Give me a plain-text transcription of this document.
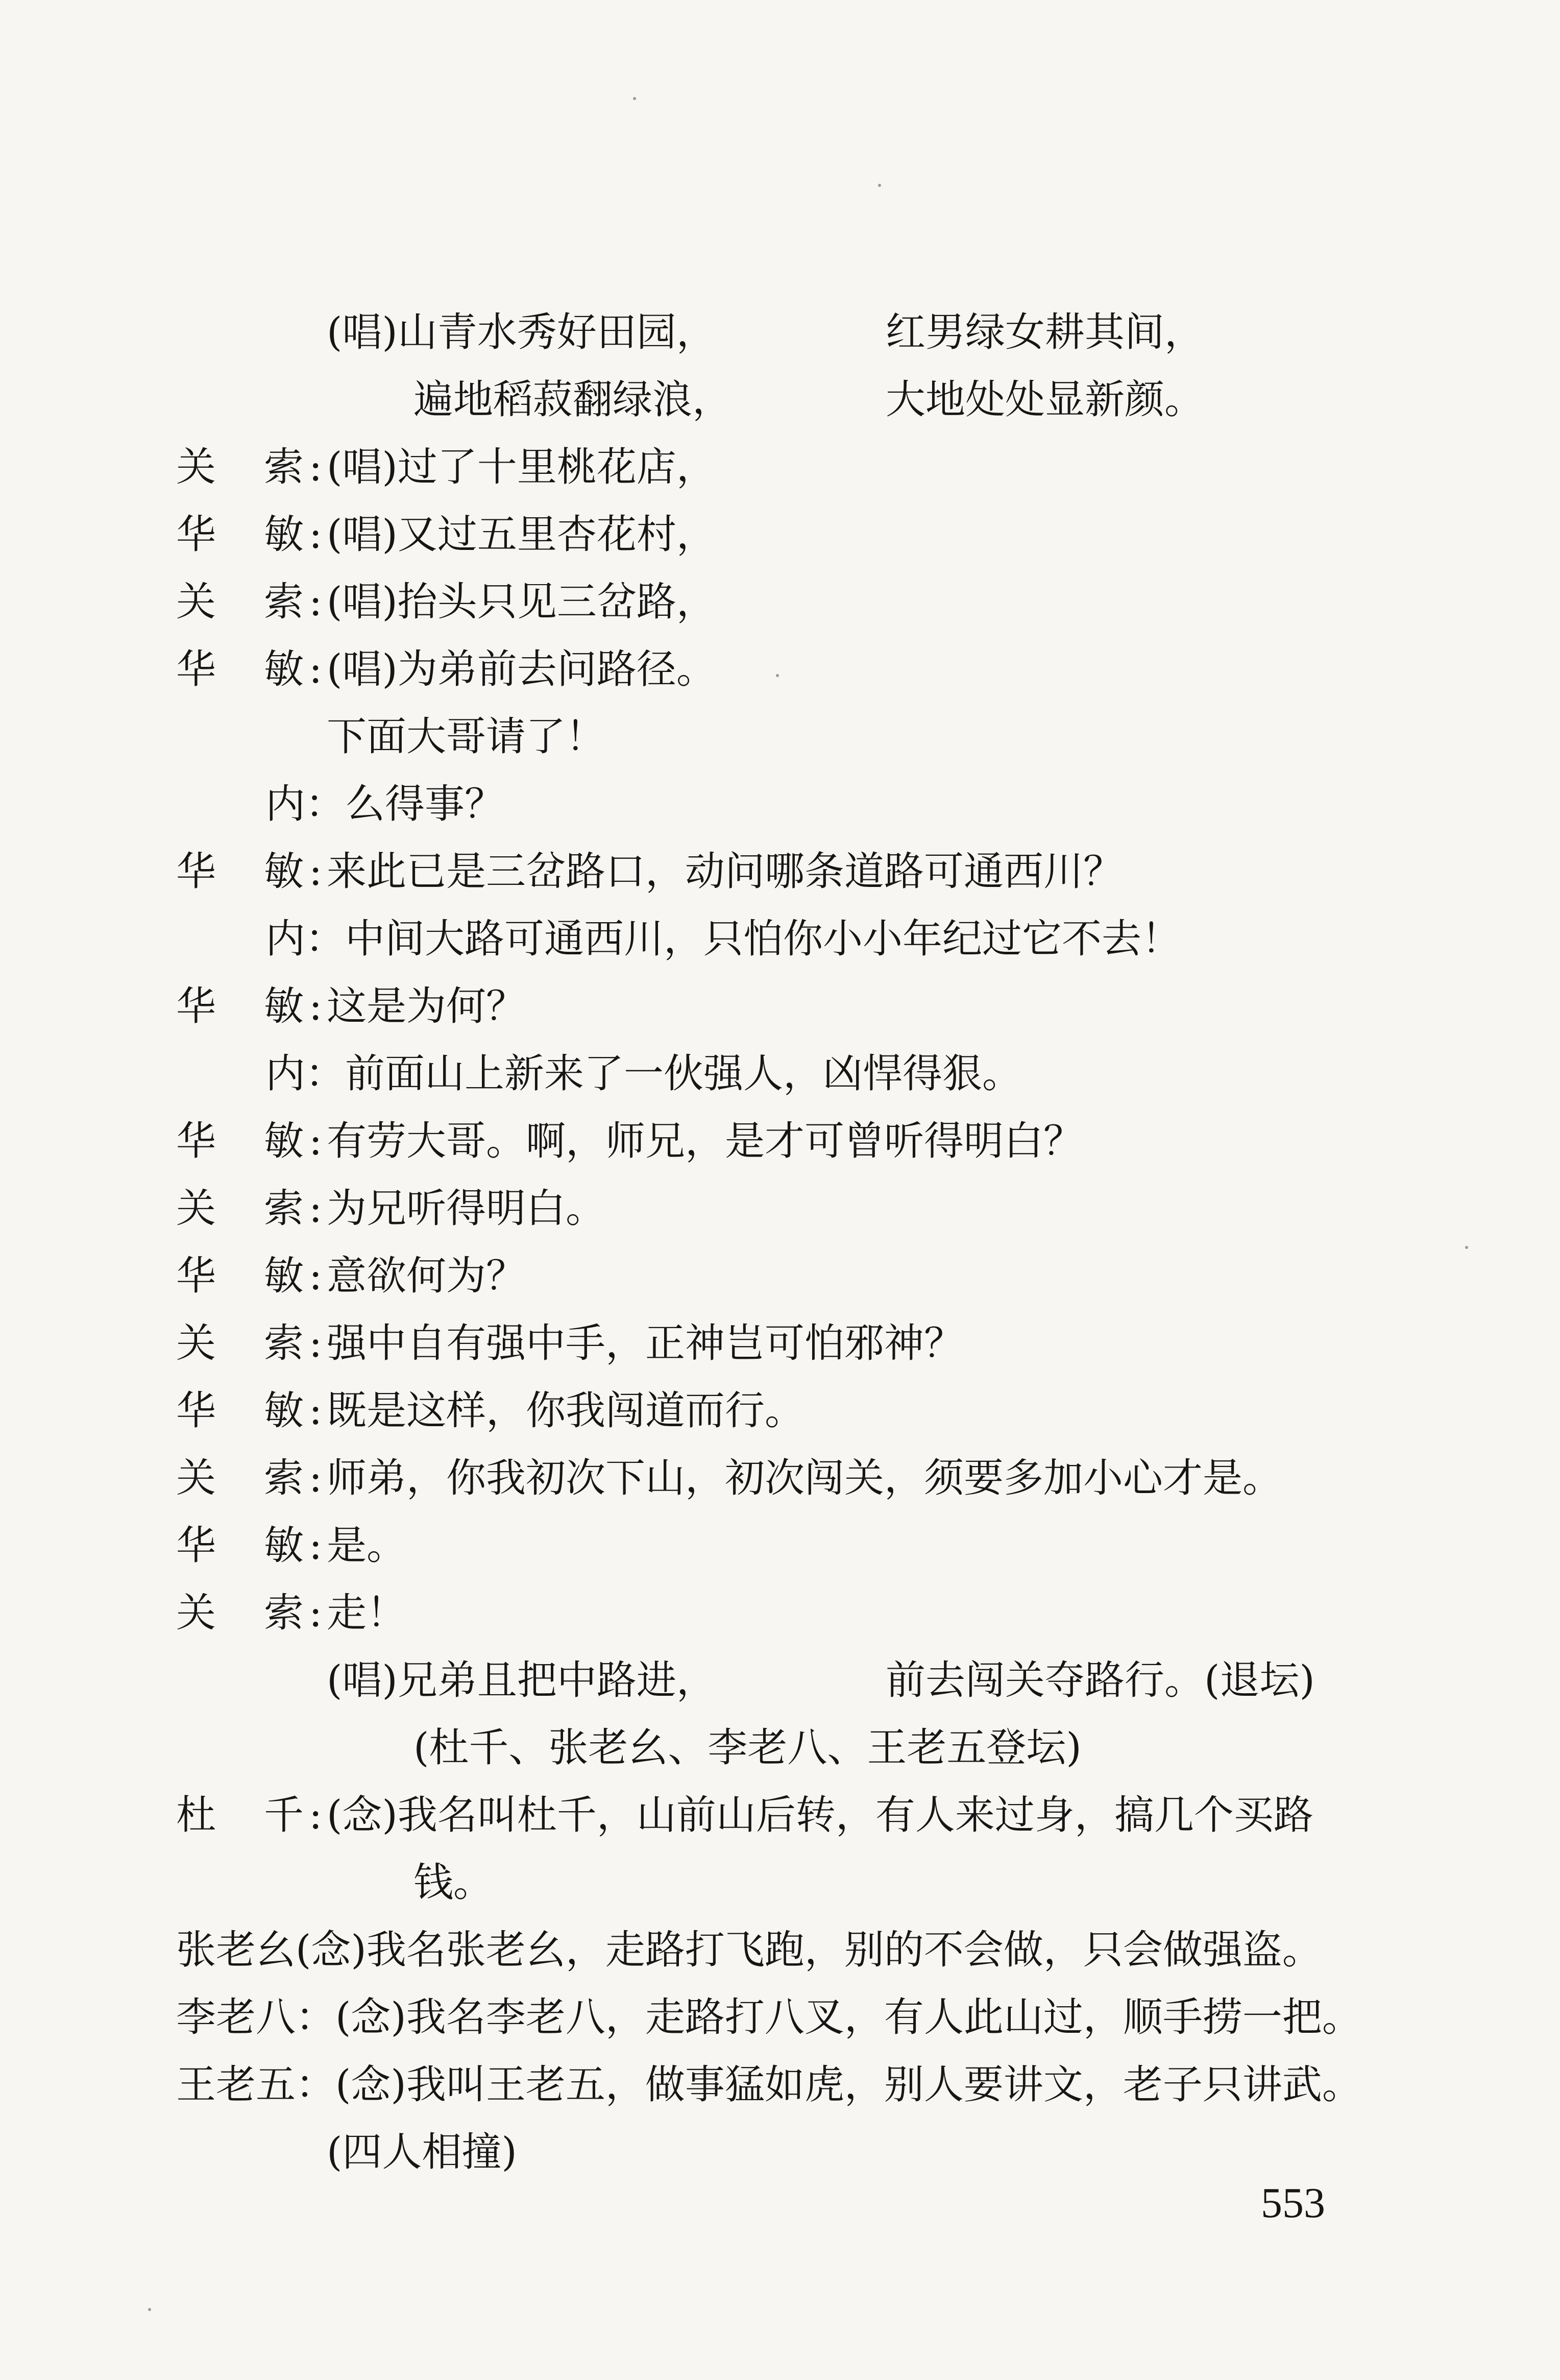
(唱)山青水秀好田园，	红男绿女耕其间，
遍地稻菽翻绿浪，	大地处处显新颜。
关 索 : (唱)过了十里桃花店，
华 敏 : (唱)又过五里杏花村，
关 索 : (唱)抬头只见三岔路，
华 敏 : (唱)为弟前去问路径。
下面大哥请了！
内：么得事？
华 敏 : 来此已是三岔路口，动问哪条道路可通西川？
内：中间大路可通西川，只怕你小小年纪过它不去！
华 敏 : 这是为何？
内：前面山上新来了一伙强人，凶悍得狠。
华 敏 : 有劳大哥。啊，师兄，是才可曾听得明白？
关 索 : 为兄听得明白。
华 敏 : 意欲何为？
关 索 : 强中自有强中手，正神岂可怕邪神？
华 敏 : 既是这样，你我闯道而行。
关 索 : 师弟，你我初次下山，初次闯关，须要多加小心才是。
华 敏 : 是。
关 索 : 走！
(唱)兄弟且把中路进，	前去闯关夺路行。(退坛)
(杜千、张老幺、李老八、王老五登坛)
杜 千 : (念)我名叫杜千，山前山后转，有人来过身，搞几个买路
钱。
张老幺(念)我名张老幺，走路打飞跑，别的不会做，只会做强盗。
李老八：(念)我名李老八，走路打八叉，有人此山过，顺手捞一把。
王老五：(念)我叫王老五，做事猛如虎，别人要讲文，老子只讲武。
(四人相撞)
553
